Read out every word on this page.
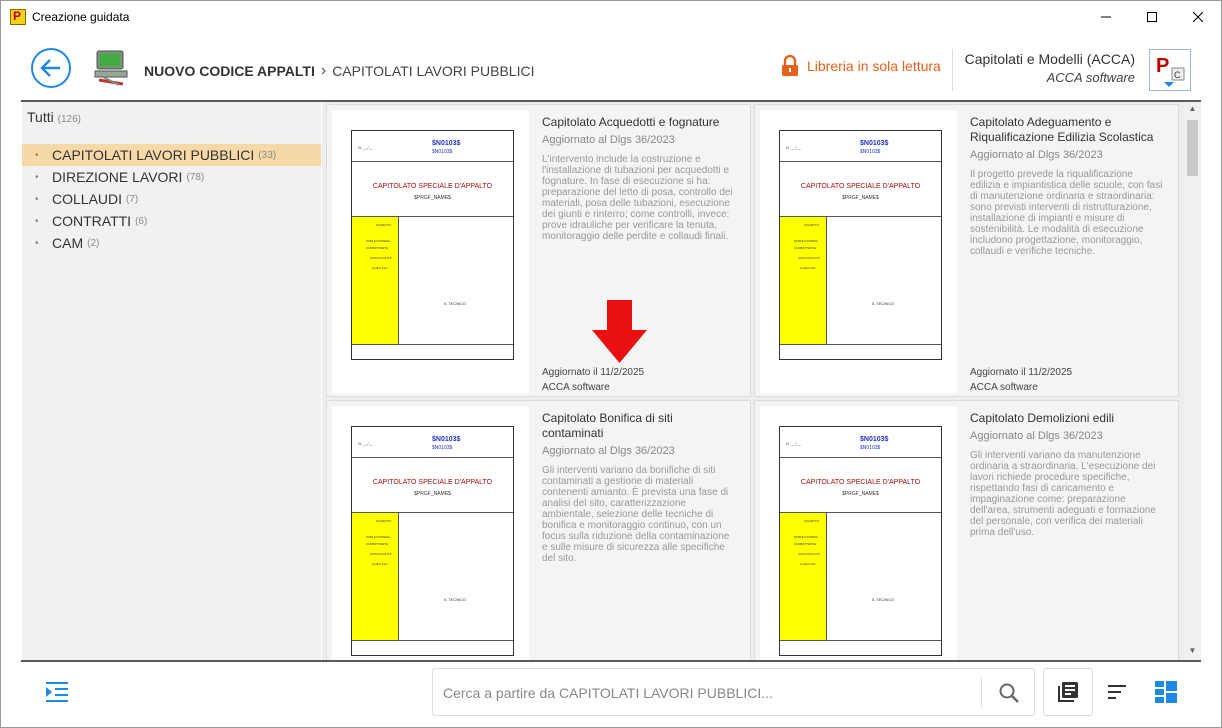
P
Creazione guidata
NUOVO CODICE APPALTI › CAPITOLATI LAVORI PUBBLICI	Libreria in sola lettura Capitolati e Modelli (ACCA)
ACCA software
P C
Tutti (126)
• CAPITOLATI LAVORI PUBBLICI (33)
• DIREZIONE LAVORI (78)
• COLLAUDI (7)
• CONTRATTI (6)
• CAM (2)
N. __/__
$N0103$
$N0103$
CAPITOLATO SPECIALE D'APPALTO
$PRGF_NAME$
OGGETTO:
PARTE D'OPERA:
COMMITTENTE:
CAP/LOCALITÀ:
Codice Fisc:
IL TECNICO
Capitolato Acquedotti e fognature
Aggiornato al Dlgs 36/2023
L'intervento include la costruzione e l'installazione di tubazioni per acquedotti e fognature. In fase di esecuzione si ha: preparazione del letto di posa, controllo dei materiali, posa delle tubazioni, esecuzione dei giunti e rinterro; come controlli, invece: prove idrauliche per verificare la tenuta, monitoraggio delle perdite e collaudi finali.
Aggiornato il 11/2/2025
ACCA software
N. __/__
$N0103$
$N0103$
CAPITOLATO SPECIALE D'APPALTO
$PRGF_NAME$
OGGETTO:
PARTE D'OPERA:
COMMITTENTE:
CAP/LOCALITÀ:
Codice Fisc:
IL TECNICO
Capitolato Adeguamento e Riqualificazione Edilizia Scolastica
Aggiornato al Dlgs 36/2023
Il progetto prevede la riqualificazione edilizia e impiantistica delle scuole, con fasi di manutenzione ordinaria e straordinaria: sono previsti interventi di ristrutturazione, installazione di impianti e misure di sostenibilità. Le modalità di esecuzione includono progettazione, monitoraggio, collaudi e verifiche tecniche.
Aggiornato il 11/2/2025
ACCA software
N. __/__
$N0103$
$N0103$
CAPITOLATO SPECIALE D'APPALTO
$PRGF_NAME$
OGGETTO:
PARTE D'OPERA:
COMMITTENTE:
CAP/LOCALITÀ:
Codice Fisc:
IL TECNICO
Capitolato Bonifica di siti contaminati
Aggiornato al Dlgs 36/2023
Gli interventi variano da bonifiche di siti contaminati a gestione di materiali contenenti amianto. È prevista una fase di analisi del sito, caratterizzazione ambientale, selezione delle tecniche di bonifica e monitoraggio continuo, con un focus sulla riduzione della contaminazione e sulle misure di sicurezza alle specifiche del sito.
N. __/__
$N0103$
$N0103$
CAPITOLATO SPECIALE D'APPALTO
$PRGF_NAME$
OGGETTO:
PARTE D'OPERA:
COMMITTENTE:
CAP/LOCALITÀ:
Codice Fisc:
IL TECNICO
Capitolato Demolizioni edili
Aggiornato al Dlgs 36/2023
Gli interventi variano da manutenzione ordinaria a straordinaria. L'esecuzione dei lavori richiede procedure specifiche, rispettando fasi di caricamento e impaginazione come: preparazione dell'area, strumenti adeguati e formazione del personale, con verifica dei materiali prima dell'uso.
▲
▼
Cerca a partire da CAPITOLATI LAVORI PUBBLICI...
